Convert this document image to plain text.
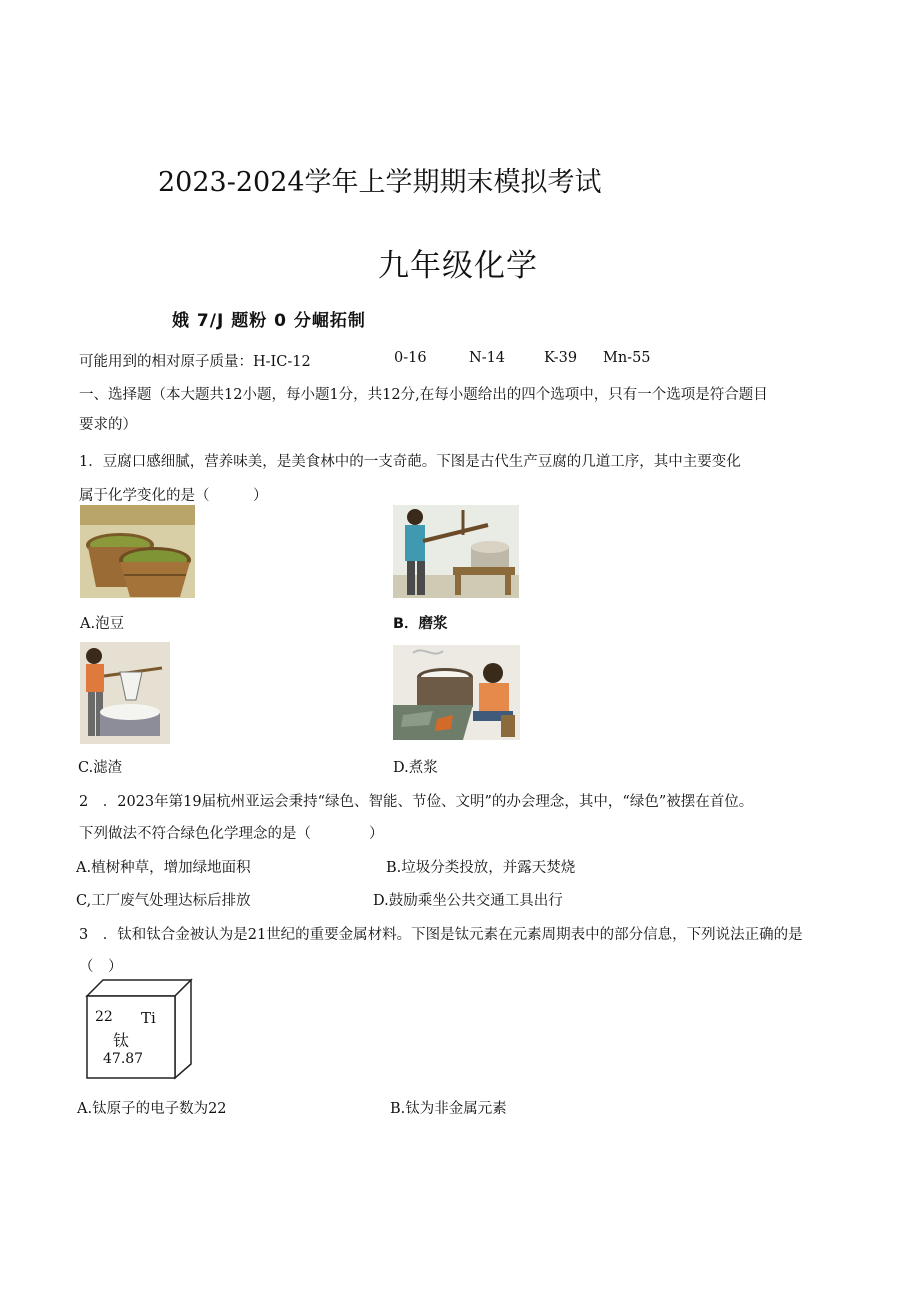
2023-2024学年上学期期末模拟考试
九年级化学
娥 7/J 题粉 0 分崛拓制
可能用到的相对原子质量：H-IC-12	0-16	N-14	K-39 Mn-55
一、选择题（本大题共12小题，每小题1分，共12分,在每小题给出的四个选项中，只有一个选项是符合题目
要求的）
1．豆腐口感细腻，营养味美，是美食林中的一支奇葩。下图是古代生产豆腐的几道工序，其中主要变化
属于化学变化的是（　　　）
A.泡豆	B．磨浆
C.滤渣	D.煮浆
2　．2023年第19届杭州亚运会秉持“绿色、智能、节俭、文明”的办会理念，其中，“绿色”被摆在首位。
下列做法不符合绿色化学理念的是（　　　　）
A.植树种草，增加绿地面积	B.垃圾分类投放，并露天焚烧
C,工厂废气处理达标后排放	D.鼓励乘坐公共交通工具出行
3　．钛和钛合金被认为是21世纪的重要金属材料。下图是钛元素在元素周期表中的部分信息，下列说法正确的是
（　）
22 Ti
钛
47.87
A.钛原子的电子数为22	B.钛为非金属元素
